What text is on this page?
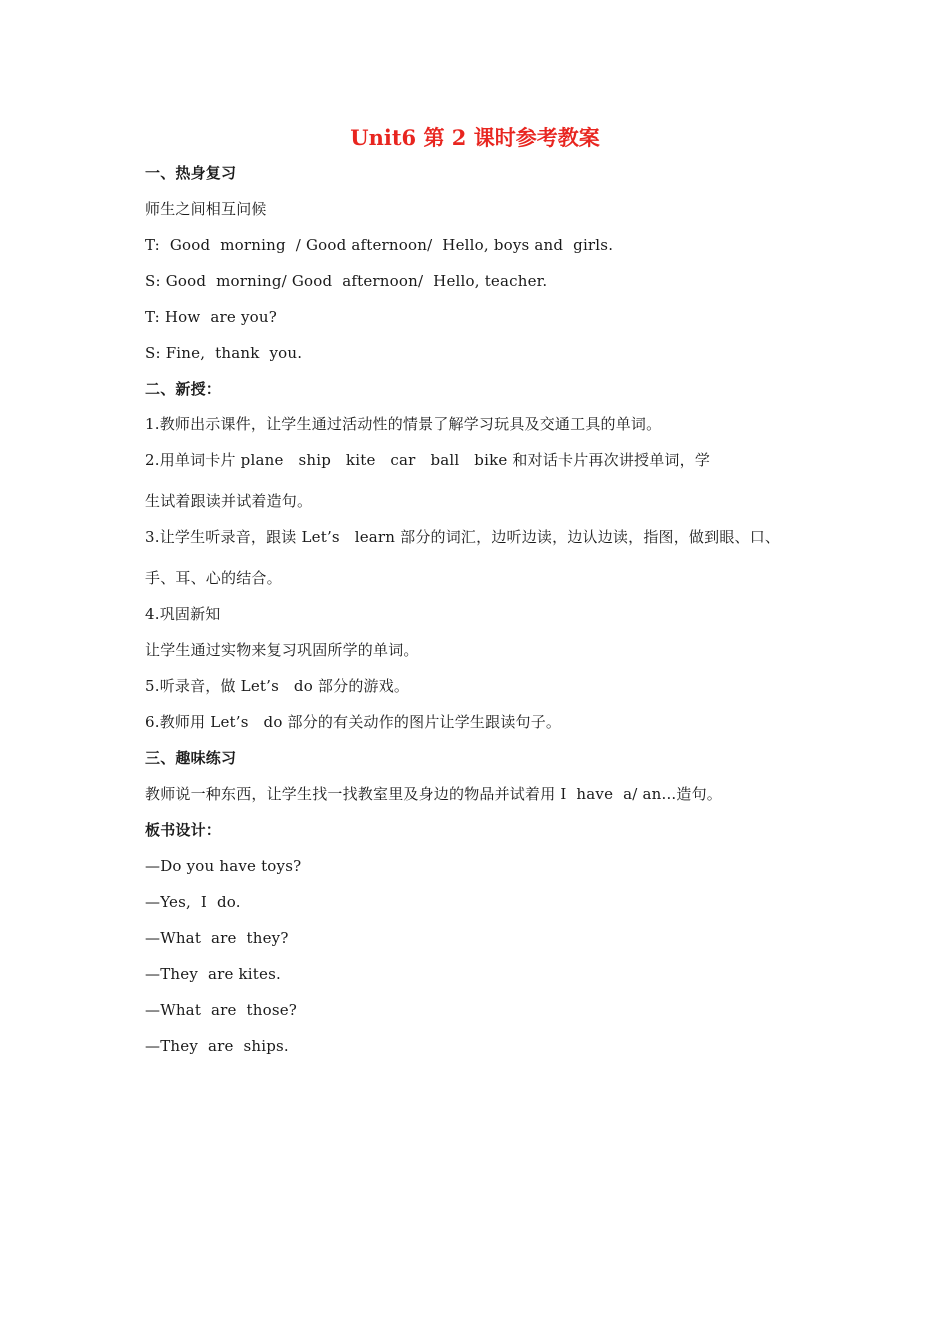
Unit6 第 2 课时参考教案
一、热身复习
师生之间相互问候
T:  Good  morning  / Good afternoon/  Hello, boys and  girls.
S: Good  morning/ Good  afternoon/  Hello, teacher.
T: How  are you?
S: Fine,  thank  you.
二、新授：
1.教师出示课件，让学生通过活动性的情景了解学习玩具及交通工具的单词。
2.用单词卡片 plane   ship   kite   car   ball   bike 和对话卡片再次讲授单词，学
生试着跟读并试着造句。
3.让学生听录音，跟读 Let’s   learn 部分的词汇，边听边读，边认边读，指图，做到眼、口、
手、耳、心的结合。
4.巩固新知
让学生通过实物来复习巩固所学的单词。
5.听录音，做 Let’s   do 部分的游戏。
6.教师用 Let’s   do 部分的有关动作的图片让学生跟读句子。
三、趣味练习
教师说一种东西，让学生找一找教室里及身边的物品并试着用 I  have  a/ an...造句。
板书设计：
—Do you have toys?
—Yes,  I  do.
—What  are  they?
—They  are kites.
—What  are  those?
—They  are  ships.
